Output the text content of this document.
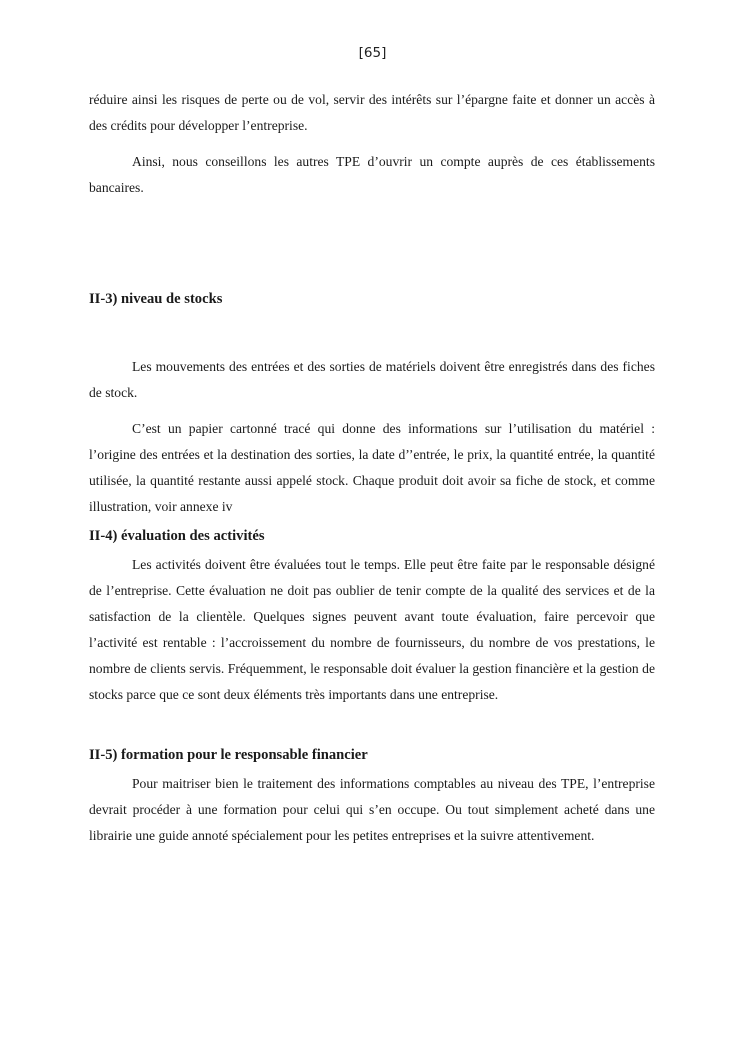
[65]

réduire ainsi les risques de perte ou de vol, servir des intérêts sur l’épargne faite et donner un accès à des crédits pour développer l’entreprise.

Ainsi, nous conseillons les autres TPE d’ouvrir un compte auprès de ces établissements bancaires.

II-3) niveau de stocks

Les mouvements des entrées et des sorties de matériels doivent être enregistrés dans des fiches de stock.

C’est un papier cartonné tracé qui donne des informations sur l’utilisation du matériel : l’origine des entrées et la destination des sorties, la date d’’entrée, le prix, la quantité entrée, la quantité utilisée, la quantité restante aussi appelé stock. Chaque produit doit avoir sa fiche de stock, et comme illustration, voir annexe iv

II-4) évaluation des activités

Les activités doivent être évaluées tout le temps. Elle peut être faite par le responsable désigné de l’entreprise. Cette évaluation ne doit pas oublier de tenir compte de la qualité des services et de la satisfaction de la clientèle. Quelques signes peuvent avant toute évaluation, faire percevoir que l’activité est rentable : l’accroissement du nombre de fournisseurs, du nombre de vos prestations, le nombre de clients servis. Fréquemment, le responsable doit évaluer la gestion financière et la gestion de stocks parce que ce sont deux éléments très importants dans une entreprise.

II-5) formation pour le responsable financier

Pour maitriser bien le traitement des informations comptables au niveau des TPE, l’entreprise devrait procéder à une formation pour celui qui s’en occupe. Ou tout simplement acheté dans une librairie une guide annoté spécialement pour les petites entreprises et la suivre attentivement.
